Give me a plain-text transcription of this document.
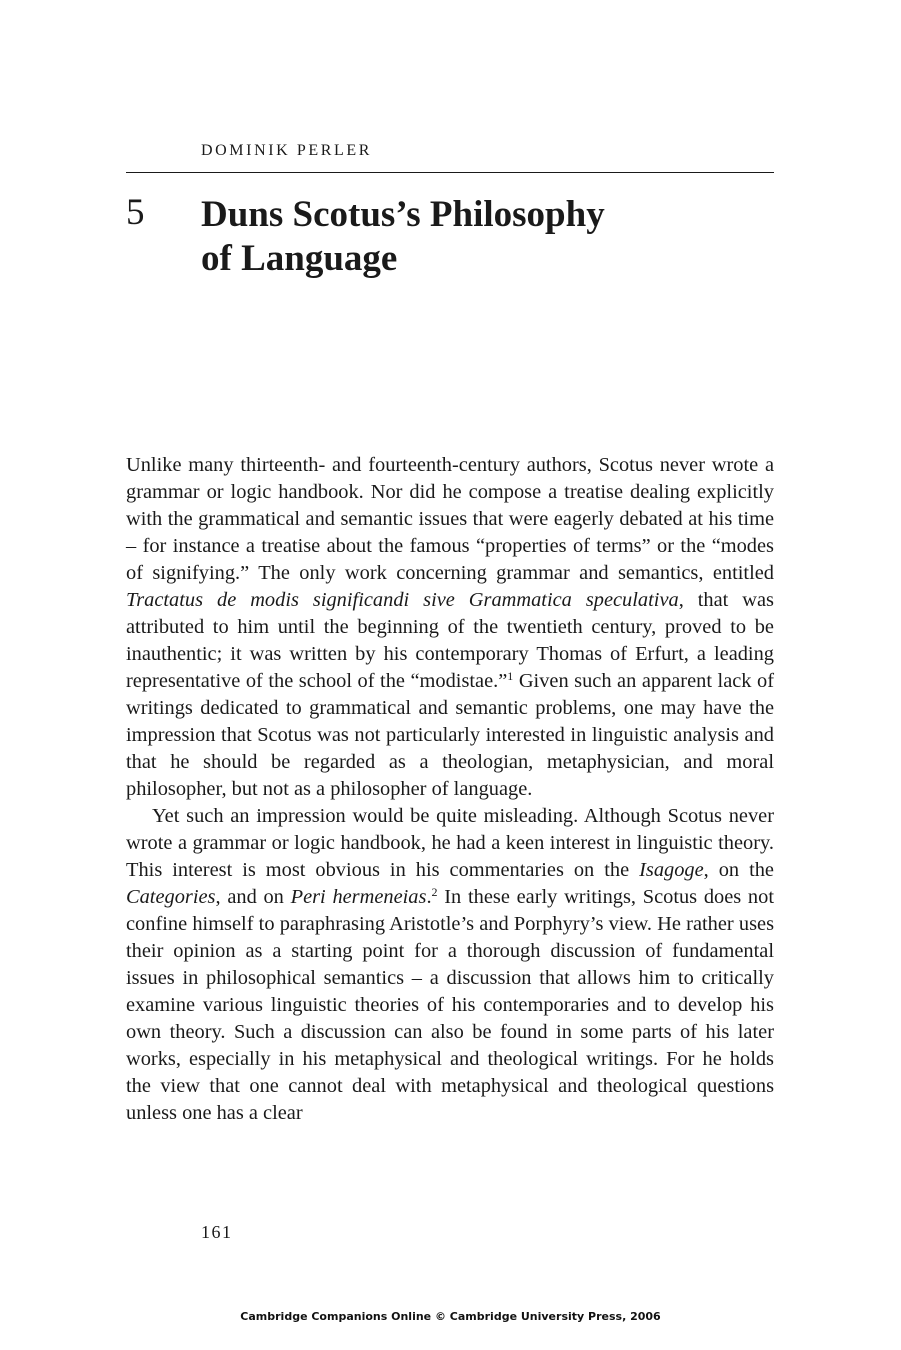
DOMINIK PERLER
5 Duns Scotus’s Philosophy
of Language

Unlike many thirteenth- and fourteenth-century authors, Scotus never wrote a grammar or logic handbook. Nor did he compose a treatise dealing explicitly with the grammatical and semantic issues that were eagerly debated at his time – for instance a treatise about the famous “properties of terms” or the “modes of signifying.” The only work concerning grammar and semantics, entitled Tractatus de modis significandi sive Grammatica speculativa, that was attributed to him until the beginning of the twentieth century, proved to be inauthentic; it was written by his contemporary Thomas of Erfurt, a leading representative of the school of the “modistae.”$^1$ Given such an apparent lack of writings dedicated to grammatical and semantic problems, one may have the impression that Scotus was not particularly interested in linguistic analysis and that he should be regarded as a theologian, metaphysician, and moral philosopher, but not as a philosopher of language.

Yet such an impression would be quite misleading. Although Scotus never wrote a grammar or logic handbook, he had a keen interest in linguistic theory. This interest is most obvious in his commentaries on the Isagoge, on the Categories, and on Peri hermeneias.$^2$ In these early writings, Scotus does not confine himself to paraphrasing Aristotle’s and Porphyry’s view. He rather uses their opinion as a starting point for a thorough discussion of fundamental issues in philosophical semantics – a discussion that allows him to critically examine various linguistic theories of his contemporaries and to develop his own theory. Such a discussion can also be found in some parts of his later works, especially in his metaphysical and theological writings. For he holds the view that one cannot deal with metaphysical and theological questions unless one has a clear

161
Cambridge Companions Online © Cambridge University Press, 2006
